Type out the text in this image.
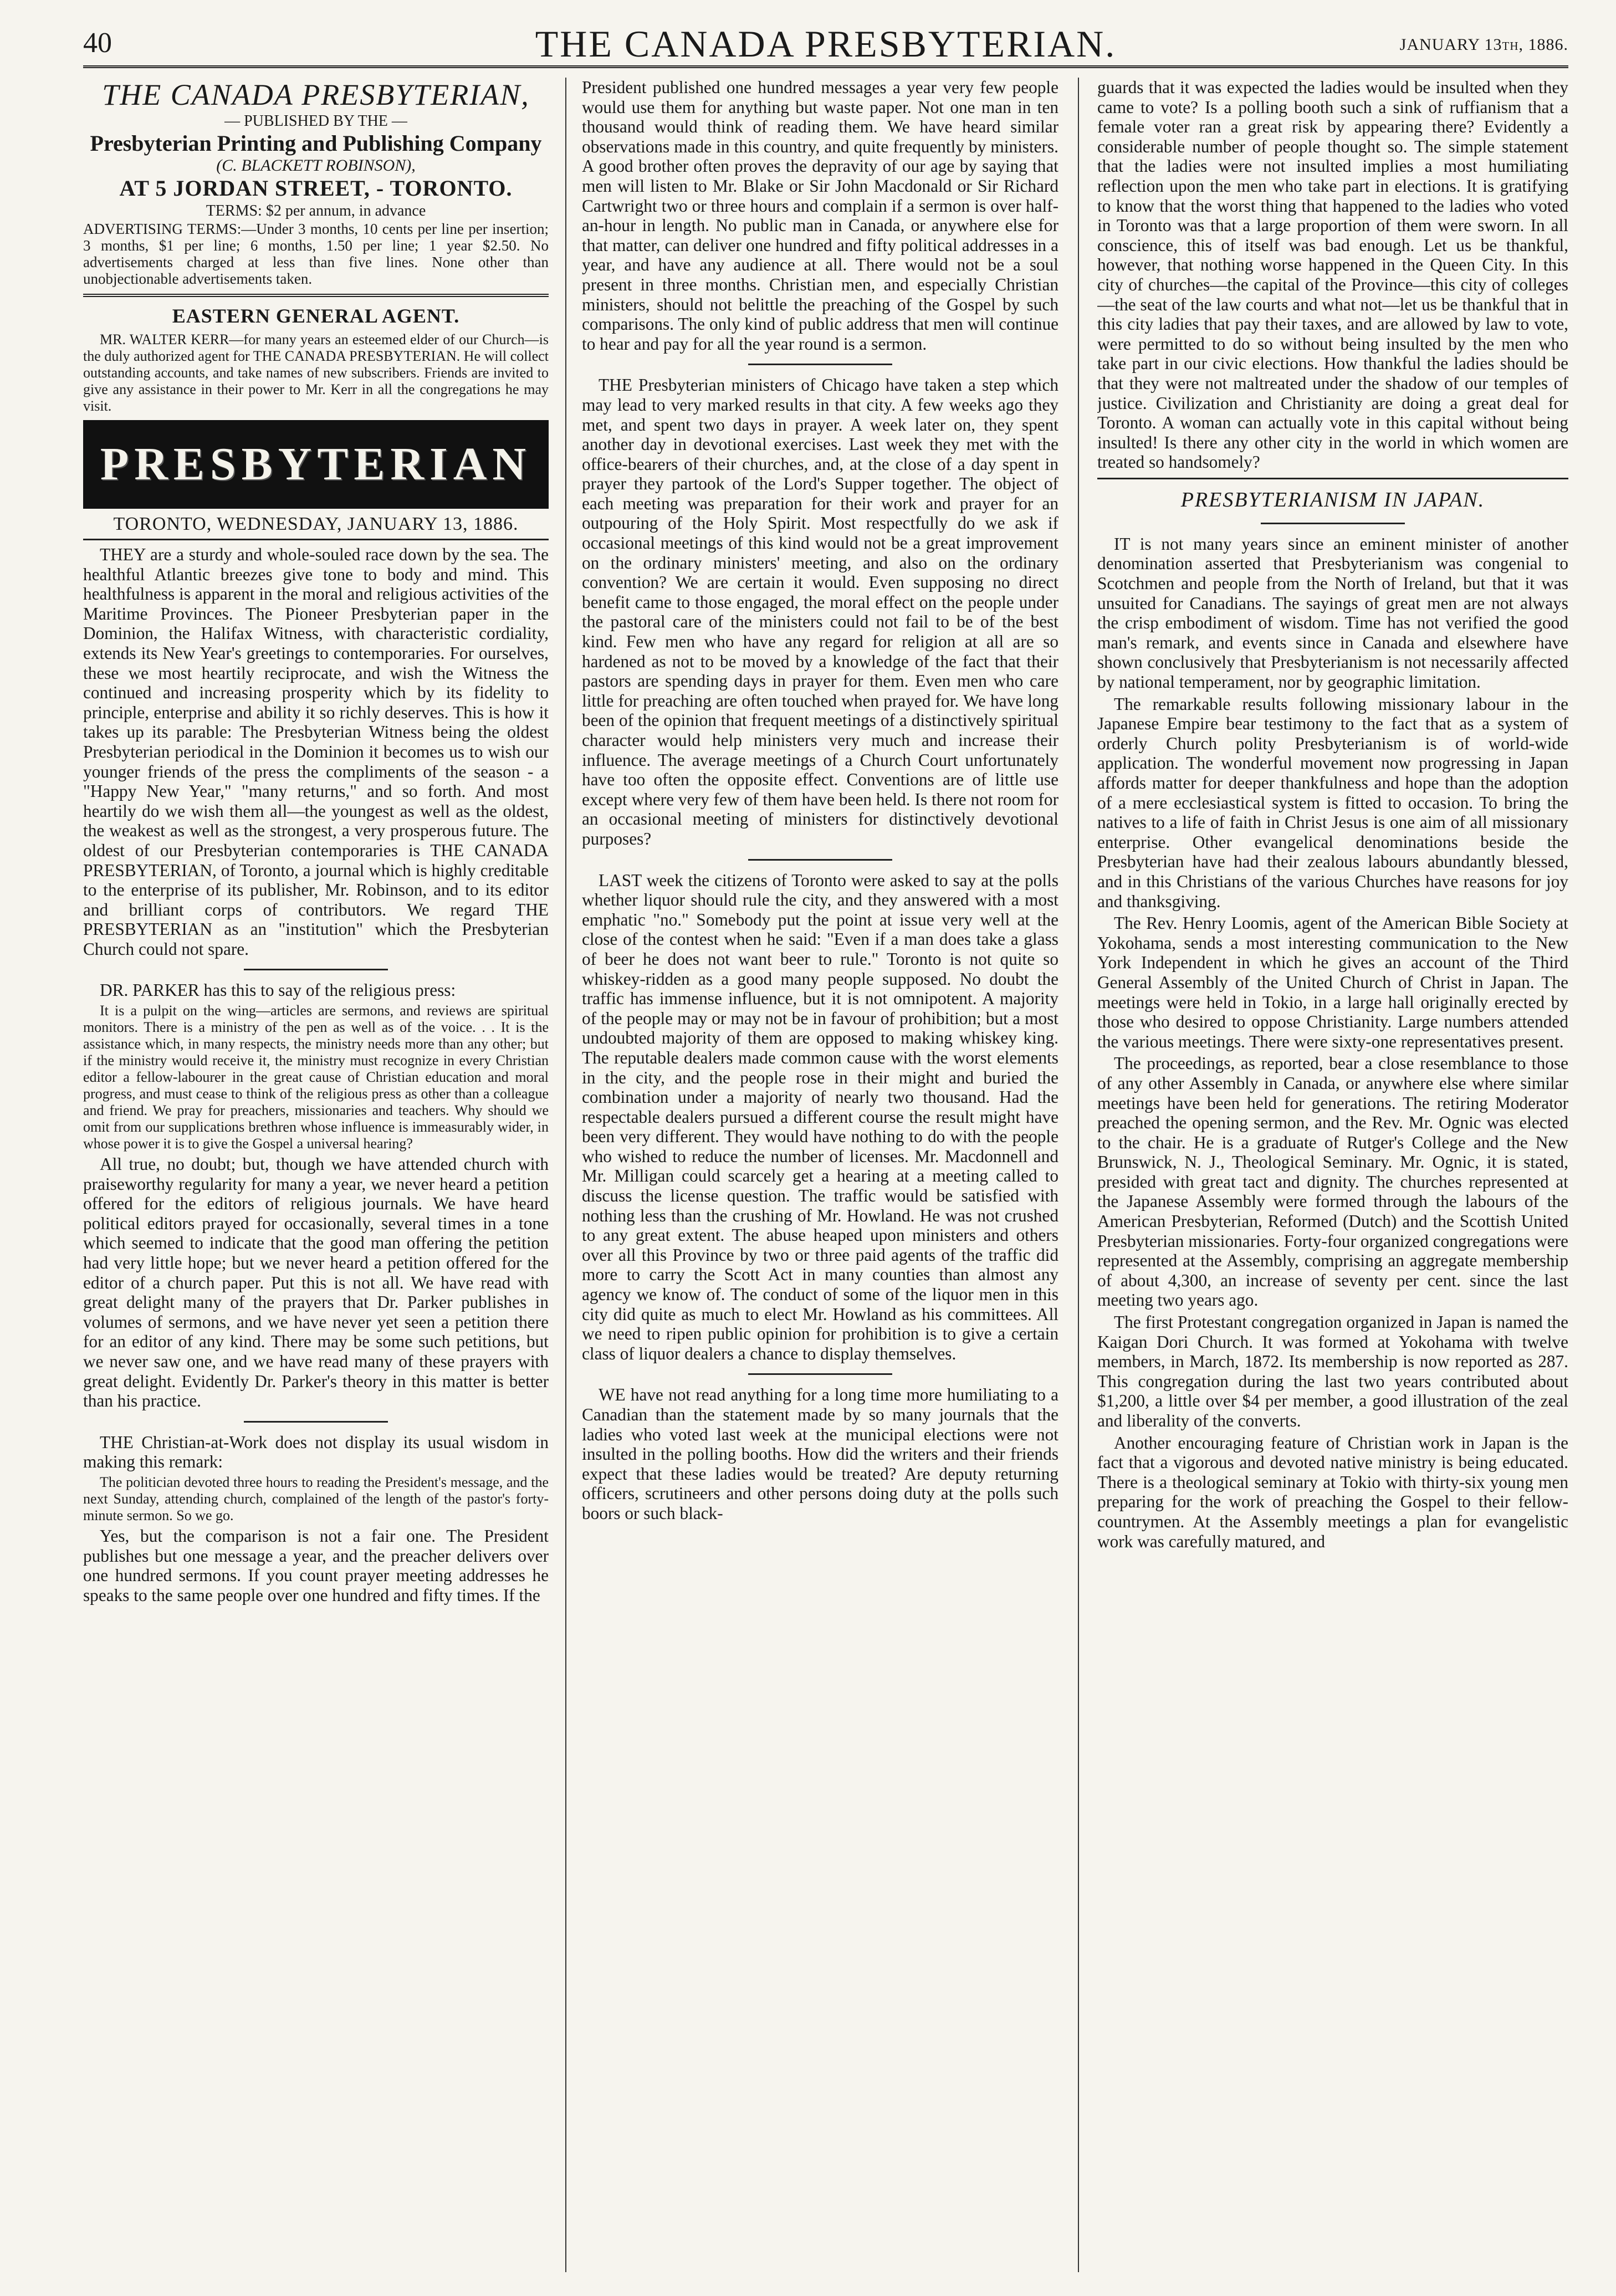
40	THE CANADA PRESBYTERIAN.	JANUARY 13th, 1886.
THE CANADA PRESBYTERIAN,
— PUBLISHED BY THE —
Presbyterian Printing and Publishing Company
(C. BLACKETT ROBINSON),
AT 5 JORDAN STREET, - TORONTO.
TERMS: $2 per annum, in advance

ADVERTISING TERMS:—Under 3 months, 10 cents per line per insertion; 3 months, $1 per line; 6 months, 1.50 per line; 1 year $2.50. No advertisements charged at less than five lines. None other than unobjectionable advertisements taken.

EASTERN GENERAL AGENT.

MR. WALTER KERR—for many years an esteemed elder of our Church—is the duly authorized agent for THE CANADA PRESBYTERIAN. He will collect outstanding accounts, and take names of new subscribers. Friends are invited to give any assistance in their power to Mr. Kerr in all the congregations he may visit.

PRESBYTERIAN
TORONTO, WEDNESDAY, JANUARY 13, 1886.

THEY are a sturdy and whole-souled race down by the sea. The healthful Atlantic breezes give tone to body and mind. This healthfulness is apparent in the moral and religious activities of the Maritime Provinces. The Pioneer Presbyterian paper in the Dominion, the Halifax Witness, with characteristic cordiality, extends its New Year's greetings to contemporaries. For ourselves, these we most heartily reciprocate, and wish the Witness the continued and increasing prosperity which by its fidelity to principle, enterprise and ability it so richly deserves. This is how it takes up its parable: The Presbyterian Witness being the oldest Presbyterian periodical in the Dominion it becomes us to wish our younger friends of the press the compliments of the season - a "Happy New Year," "many returns," and so forth. And most heartily do we wish them all—the youngest as well as the oldest, the weakest as well as the strongest, a very prosperous future. The oldest of our Presbyterian contemporaries is THE CANADA PRESBYTERIAN, of Toronto, a journal which is highly creditable to the enterprise of its publisher, Mr. Robinson, and to its editor and brilliant corps of contributors. We regard THE PRESBYTERIAN as an "institution" which the Presbyterian Church could not spare.

DR. PARKER has this to say of the religious press:

It is a pulpit on the wing—articles are sermons, and reviews are spiritual monitors. There is a ministry of the pen as well as of the voice. . . It is the assistance which, in many respects, the ministry needs more than any other; but if the ministry would receive it, the ministry must recognize in every Christian editor a fellow-labourer in the great cause of Christian education and moral progress, and must cease to think of the religious press as other than a colleague and friend. We pray for preachers, missionaries and teachers. Why should we omit from our supplications brethren whose influence is immeasurably wider, in whose power it is to give the Gospel a universal hearing?

All true, no doubt; but, though we have attended church with praiseworthy regularity for many a year, we never heard a petition offered for the editors of religious journals. We have heard political editors prayed for occasionally, several times in a tone which seemed to indicate that the good man offering the petition had very little hope; but we never heard a petition offered for the editor of a church paper. Put this is not all. We have read with great delight many of the prayers that Dr. Parker publishes in volumes of sermons, and we have never yet seen a petition there for an editor of any kind. There may be some such petitions, but we never saw one, and we have read many of these prayers with great delight. Evidently Dr. Parker's theory in this matter is better than his practice.

THE Christian-at-Work does not display its usual wisdom in making this remark:

The politician devoted three hours to reading the President's message, and the next Sunday, attending church, complained of the length of the pastor's forty-minute sermon. So we go.

Yes, but the comparison is not a fair one. The President publishes but one message a year, and the preacher delivers over one hundred sermons. If you count prayer meeting addresses he speaks to the same people over one hundred and fifty times. If the

President published one hundred messages a year very few people would use them for anything but waste paper. Not one man in ten thousand would think of reading them. We have heard similar observations made in this country, and quite frequently by ministers. A good brother often proves the depravity of our age by saying that men will listen to Mr. Blake or Sir John Macdonald or Sir Richard Cartwright two or three hours and complain if a sermon is over half-an-hour in length. No public man in Canada, or anywhere else for that matter, can deliver one hundred and fifty political addresses in a year, and have any audience at all. There would not be a soul present in three months. Christian men, and especially Christian ministers, should not belittle the preaching of the Gospel by such comparisons. The only kind of public address that men will continue to hear and pay for all the year round is a sermon.

THE Presbyterian ministers of Chicago have taken a step which may lead to very marked results in that city. A few weeks ago they met, and spent two days in prayer. A week later on, they spent another day in devotional exercises. Last week they met with the office-bearers of their churches, and, at the close of a day spent in prayer they partook of the Lord's Supper together. The object of each meeting was preparation for their work and prayer for an outpouring of the Holy Spirit. Most respectfully do we ask if occasional meetings of this kind would not be a great improvement on the ordinary ministers' meeting, and also on the ordinary convention? We are certain it would. Even supposing no direct benefit came to those engaged, the moral effect on the people under the pastoral care of the ministers could not fail to be of the best kind. Few men who have any regard for religion at all are so hardened as not to be moved by a knowledge of the fact that their pastors are spending days in prayer for them. Even men who care little for preaching are often touched when prayed for. We have long been of the opinion that frequent meetings of a distinctively spiritual character would help ministers very much and increase their influence. The average meetings of a Church Court unfortunately have too often the opposite effect. Conventions are of little use except where very few of them have been held. Is there not room for an occasional meeting of ministers for distinctively devotional purposes?

LAST week the citizens of Toronto were asked to say at the polls whether liquor should rule the city, and they answered with a most emphatic "no." Somebody put the point at issue very well at the close of the contest when he said: "Even if a man does take a glass of beer he does not want beer to rule." Toronto is not quite so whiskey-ridden as a good many people supposed. No doubt the traffic has immense influence, but it is not omnipotent. A majority of the people may or may not be in favour of prohibition; but a most undoubted majority of them are opposed to making whiskey king. The reputable dealers made common cause with the worst elements in the city, and the people rose in their might and buried the combination under a majority of nearly two thousand. Had the respectable dealers pursued a different course the result might have been very different. They would have nothing to do with the people who wished to reduce the number of licenses. Mr. Macdonnell and Mr. Milligan could scarcely get a hearing at a meeting called to discuss the license question. The traffic would be satisfied with nothing less than the crushing of Mr. Howland. He was not crushed to any great extent. The abuse heaped upon ministers and others over all this Province by two or three paid agents of the traffic did more to carry the Scott Act in many counties than almost any agency we know of. The conduct of some of the liquor men in this city did quite as much to elect Mr. Howland as his committees. All we need to ripen public opinion for prohibition is to give a certain class of liquor dealers a chance to display themselves.

WE have not read anything for a long time more humiliating to a Canadian than the statement made by so many journals that the ladies who voted last week at the municipal elections were not insulted in the polling booths. How did the writers and their friends expect that these ladies would be treated? Are deputy returning officers, scrutineers and other persons doing duty at the polls such boors or such black-

guards that it was expected the ladies would be insulted when they came to vote? Is a polling booth such a sink of ruffianism that a female voter ran a great risk by appearing there? Evidently a considerable number of people thought so. The simple statement that the ladies were not insulted implies a most humiliating reflection upon the men who take part in elections. It is gratifying to know that the worst thing that happened to the ladies who voted in Toronto was that a large proportion of them were sworn. In all conscience, this of itself was bad enough. Let us be thankful, however, that nothing worse happened in the Queen City. In this city of churches—the capital of the Province—this city of colleges—the seat of the law courts and what not—let us be thankful that in this city ladies that pay their taxes, and are allowed by law to vote, were permitted to do so without being insulted by the men who take part in our civic elections. How thankful the ladies should be that they were not maltreated under the shadow of our temples of justice. Civilization and Christianity are doing a great deal for Toronto. A woman can actually vote in this capital without being insulted! Is there any other city in the world in which women are treated so handsomely?

PRESBYTERIANISM IN JAPAN.

IT is not many years since an eminent minister of another denomination asserted that Presbyterianism was congenial to Scotchmen and people from the North of Ireland, but that it was unsuited for Canadians. The sayings of great men are not always the crisp embodiment of wisdom. Time has not verified the good man's remark, and events since in Canada and elsewhere have shown conclusively that Presbyterianism is not necessarily affected by national temperament, nor by geographic limitation.

The remarkable results following missionary labour in the Japanese Empire bear testimony to the fact that as a system of orderly Church polity Presbyterianism is of world-wide application. The wonderful movement now progressing in Japan affords matter for deeper thankfulness and hope than the adoption of a mere ecclesiastical system is fitted to occasion. To bring the natives to a life of faith in Christ Jesus is one aim of all missionary enterprise. Other evangelical denominations beside the Presbyterian have had their zealous labours abundantly blessed, and in this Christians of the various Churches have reasons for joy and thanksgiving.

The Rev. Henry Loomis, agent of the American Bible Society at Yokohama, sends a most interesting communication to the New York Independent in which he gives an account of the Third General Assembly of the United Church of Christ in Japan. The meetings were held in Tokio, in a large hall originally erected by those who desired to oppose Christianity. Large numbers attended the various meetings. There were sixty-one representatives present.

The proceedings, as reported, bear a close resemblance to those of any other Assembly in Canada, or anywhere else where similar meetings have been held for generations. The retiring Moderator preached the opening sermon, and the Rev. Mr. Ognic was elected to the chair. He is a graduate of Rutger's College and the New Brunswick, N. J., Theological Seminary. Mr. Ognic, it is stated, presided with great tact and dignity. The churches represented at the Japanese Assembly were formed through the labours of the American Presbyterian, Reformed (Dutch) and the Scottish United Presbyterian missionaries. Forty-four organized congregations were represented at the Assembly, comprising an aggregate membership of about 4,300, an increase of seventy per cent. since the last meeting two years ago.

The first Protestant congregation organized in Japan is named the Kaigan Dori Church. It was formed at Yokohama with twelve members, in March, 1872. Its membership is now reported as 287. This congregation during the last two years contributed about $1,200, a little over $4 per member, a good illustration of the zeal and liberality of the converts.

Another encouraging feature of Christian work in Japan is the fact that a vigorous and devoted native ministry is being educated. There is a theological seminary at Tokio with thirty-six young men preparing for the work of preaching the Gospel to their fellow-countrymen. At the Assembly meetings a plan for evangelistic work was carefully matured, and
